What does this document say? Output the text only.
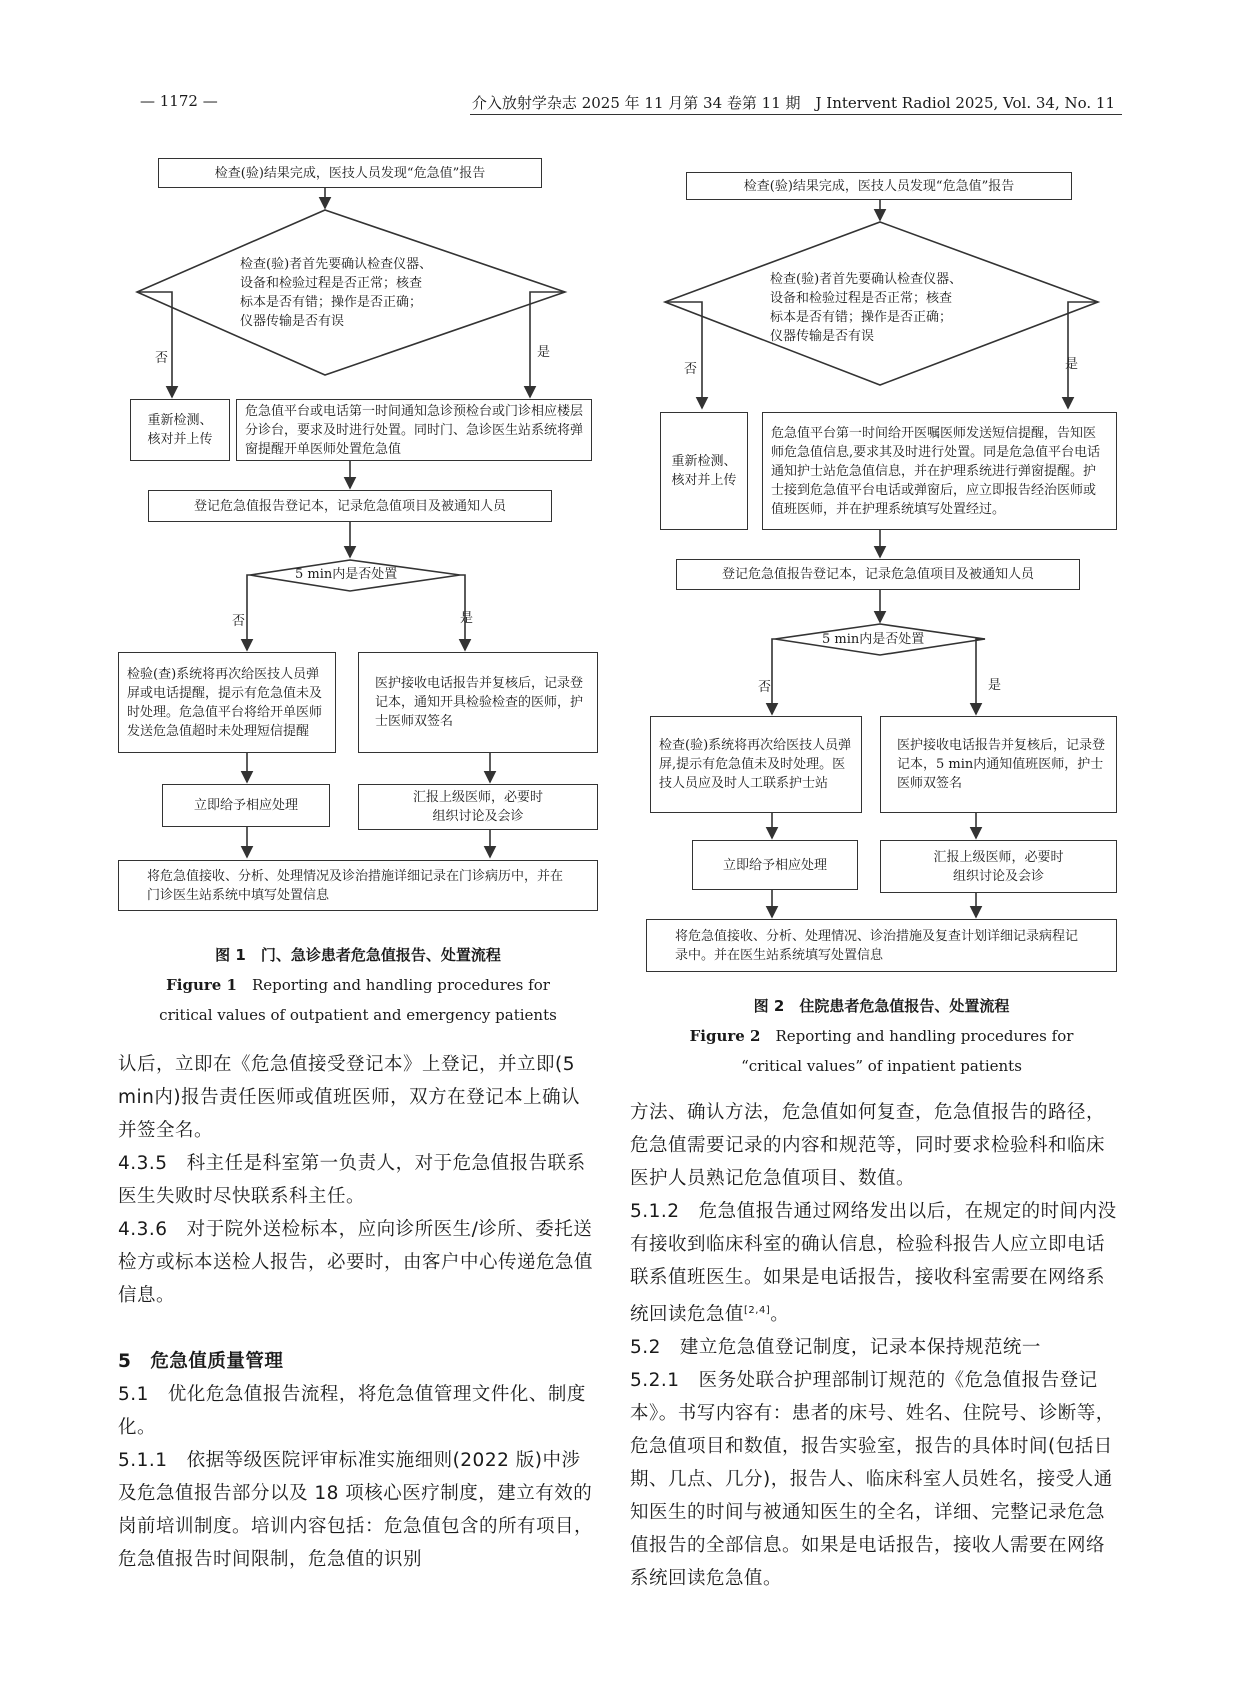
— 1172 —	介入放射学杂志 2025 年 11 月第 34 卷第 11 期　J Intervent Radiol 2025, Vol. 34, No. 11
检查(验)结果完成，医技人员发现“危急值”报告
检查(验)者首先要确认检查仪器、
设备和检验过程是否正常；核查
标本是否有错；操作是否正确；
仪器传输是否有误
否	是
重新检测、
核对并上传
危急值平台或电话第一时间通知急诊预检台或门诊相应楼层分诊台，要求及时进行处置。同时门、急诊医生站系统将弹窗提醒开单医师处置危急值
登记危急值报告登记本，记录危急值项目及被通知人员
5 min内是否处置
否	是
检验(查)系统将再次给医技人员弹屏或电话提醒，提示有危急值未及时处理。危急值平台将给开单医师发送危急值超时未处理短信提醒
医护接收电话报告并复核后，记录登记本，通知开具检验检查的医师，护士医师双签名
立即给予相应处理
汇报上级医师，必要时
组织讨论及会诊
将危急值接收、分析、处理情况及诊治措施详细记录在门诊病历中，并在门诊医生站系统中填写处置信息
图 1　门、急诊患者危急值报告、处置流程
Figure 1　 Reporting and handling procedures for
critical values of outpatient and emergency patients
检查(验)结果完成，医技人员发现“危急值”报告
检查(验)者首先要确认检查仪器、
设备和检验过程是否正常；核查
标本是否有错；操作是否正确；
仪器传输是否有误
否	是
重新检测、
核对并上传
危急值平台第一时间给开医嘱医师发送短信提醒，告知医师危急值信息,要求其及时进行处置。同是危急值平台电话通知护士站危急值信息，并在护理系统进行弹窗提醒。护士接到危急值平台电话或弹窗后，应立即报告经治医师或值班医师，并在护理系统填写处置经过。
登记危急值报告登记本，记录危急值项目及被通知人员
5 min内是否处置
否	是
检查(验)系统将再次给医技人员弹屏,提示有危急值未及时处理。医技人员应及时人工联系护士站
医护接收电话报告并复核后，记录登记本，5 min内通知值班医师，护士医师双签名
立即给予相应处理
汇报上级医师，必要时
组织讨论及会诊
将危急值接收、分析、处理情况、诊治措施及复查计划详细记录病程记录中。并在医生站系统填写处置信息
图 2　住院患者危急值报告、处置流程
Figure 2　 Reporting and handling procedures for
“critical values” of inpatient patients

认后，立即在《危急值接受登记本》上登记，并立即(5 min内)报告责任医师或值班医师，双方在登记本上确认并签全名。

4.3.5　科主任是科室第一负责人，对于危急值报告联系医生失败时尽快联系科主任。

4.3.6　对于院外送检标本，应向诊所医生/诊所、委托送检方或标本送检人报告，必要时，由客户中心传递危急值信息。

5　危急值质量管理

5.1　优化危急值报告流程，将危急值管理文件化、制度化。

5.1.1　依据等级医院评审标准实施细则(2022 版)中涉及危急值报告部分以及 18 项核心医疗制度，建立有效的岗前培训制度。培训内容包括：危急值包含的所有项目，危急值报告时间限制，危急值的识别

方法、确认方法，危急值如何复查，危急值报告的路径，危急值需要记录的内容和规范等，同时要求检验科和临床医护人员熟记危急值项目、数值。

5.1.2　危急值报告通过网络发出以后，在规定的时间内没有接收到临床科室的确认信息，检验科报告人应立即电话联系值班医生。如果是电话报告，接收科室需要在网络系统回读危急值[2,4]。

5.2　建立危急值登记制度，记录本保持规范统一

5.2.1　医务处联合护理部制订规范的《危急值报告登记本》。书写内容有：患者的床号、姓名、住院号、诊断等，危急值项目和数值，报告实验室，报告的具体时间(包括日期、几点、几分)，报告人、临床科室人员姓名，接受人通知医生的时间与被通知医生的全名，详细、完整记录危急值报告的全部信息。如果是电话报告，接收人需要在网络系统回读危急值。
